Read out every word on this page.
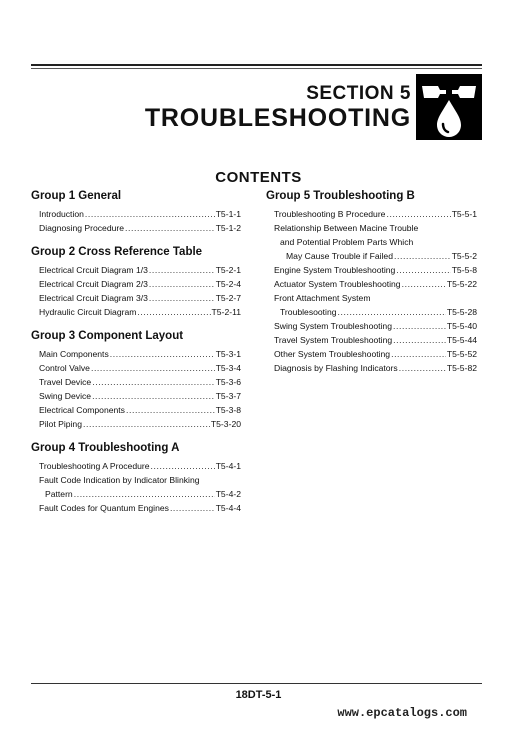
SECTION 5
TROUBLESHOOTING
CONTENTS
Group 1 General
Introduction .....	T5-1-1
Diagnosing Procedure .....	T5-1-2
Group 2 Cross Reference Table
Electrical Crcuit Diagram 1/3 .....	T5-2-1
Electrical Crcuit Diagram 2/3 .....	T5-2-4
Electrical Crcuit Diagram 3/3 .....	T5-2-7
Hydraulic Circuit Diagram .....	T5-2-11
Group 3 Component Layout
Main Components .....	T5-3-1
Control Valve .....	T5-3-4
Travel Device .....	T5-3-6
Swing Device .....	T5-3-7
Electrical Components .....	T5-3-8
Pilot Piping .....	T5-3-20
Group 4 Troubleshooting A
Troubleshooting A Procedure .....	T5-4-1
Fault Code Indication by Indicator Blinking
Pattern .....	T5-4-2
Fault Codes for Quantum Engines .....	T5-4-4
Group 5 Troubleshooting B
Troubleshooting B Procedure .....	T5-5-1
Relationship Between Macine Trouble
and Potential Problem Parts Which
May Cause Trouble if Failed .....	T5-5-2
Engine System Troubleshooting .....	T5-5-8
Actuator System Troubleshooting .....	T5-5-22
Front Attachment System
Troublesooting .....	T5-5-28
Swing System Troubleshooting .....	T5-5-40
Travel System Troubleshooting .....	T5-5-44
Other System Troubleshooting .....	T5-5-52
Diagnosis by Flashing Indicators .....	T5-5-82
18DT-5-1
www.epcatalogs.com
